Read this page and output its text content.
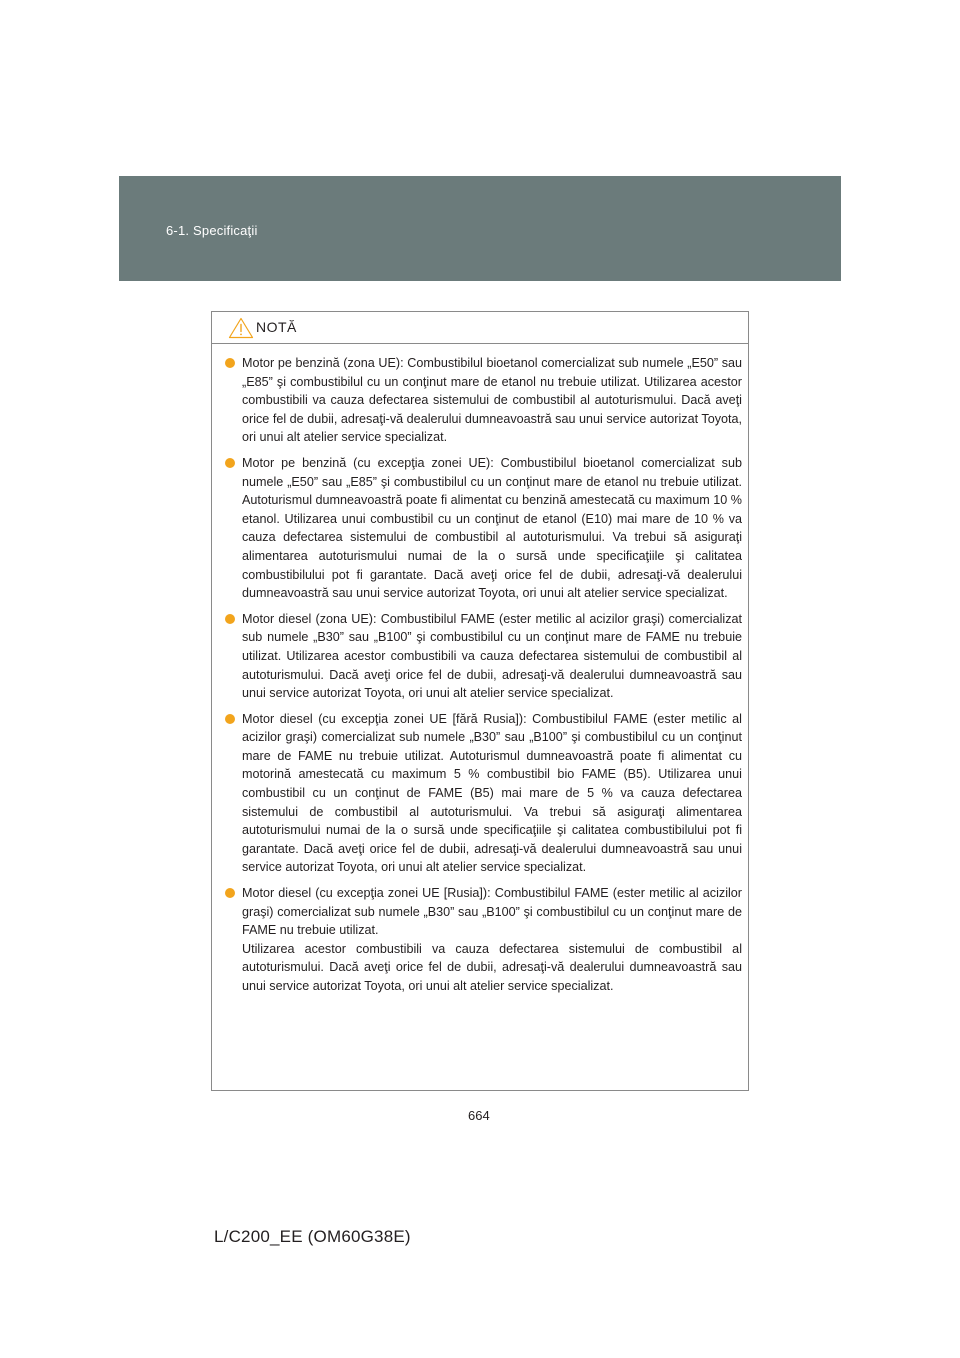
6-1. Specificaţii
NOTĂ

Motor pe benzină (zona UE): Combustibilul bioetanol comercializat sub numele „E50” sau „E85” şi combustibilul cu un conţinut mare de etanol nu trebuie utilizat. Utilizarea acestor combustibili va cauza defectarea sistemului de combustibil al autoturismului. Dacă aveţi orice fel de dubii, adresaţi-vă dealerului dumneavoastră sau unui service autorizat Toyota, ori unui alt atelier service specializat.

Motor pe benzină (cu excepţia zonei UE): Combustibilul bioetanol comercializat sub numele „E50” sau „E85” şi combustibilul cu un conţinut mare de etanol nu trebuie utilizat. Autoturismul dumneavoastră poate fi alimentat cu benzină amestecată cu maximum 10 % etanol. Utilizarea unui combustibil cu un conţinut de etanol (E10) mai mare de 10 % va cauza defectarea sistemului de combustibil al autoturismului. Va trebui să asiguraţi alimentarea autoturismului numai de la o sursă unde specificaţiile şi calitatea combustibilului pot fi garantate. Dacă aveţi orice fel de dubii, adresaţi-vă dealerului dumneavoastră sau unui service autorizat Toyota, ori unui alt atelier service specializat.

Motor diesel (zona UE): Combustibilul FAME (ester metilic al acizilor graşi) comercializat sub numele „B30” sau „B100” şi combustibilul cu un conţinut mare de FAME nu trebuie utilizat. Utilizarea acestor combustibili va cauza defectarea sistemului de combustibil al autoturismului. Dacă aveţi orice fel de dubii, adresaţi-vă dealerului dumneavoastră sau unui service autorizat Toyota, ori unui alt atelier service specializat.

Motor diesel (cu excepţia zonei UE [fără Rusia]): Combustibilul FAME (ester metilic al acizilor graşi) comercializat sub numele „B30” sau „B100” şi combustibilul cu un conţinut mare de FAME nu trebuie utilizat. Autoturismul dumneavoastră poate fi alimentat cu motorină amestecată cu maximum 5 % combustibil bio FAME (B5). Utilizarea unui combustibil cu un conţinut de FAME (B5) mai mare de 5 % va cauza defectarea sistemului de combustibil al autoturismului. Va trebui să asiguraţi alimentarea autoturismului numai de la o sursă unde specificaţiile şi calitatea combustibilului pot fi garantate. Dacă aveţi orice fel de dubii, adresaţi-vă dealerului dumneavoastră sau unui service autorizat Toyota, ori unui alt atelier service specializat.

Motor diesel (cu excepţia zonei UE [Rusia]): Combustibilul FAME (ester metilic al acizilor graşi) comercializat sub numele „B30” sau „B100” şi combustibilul cu un conţinut mare de FAME nu trebuie utilizat.

Utilizarea acestor combustibili va cauza defectarea sistemului de combustibil al autoturismului. Dacă aveţi orice fel de dubii, adresaţi-vă dealerului dumneavoastră sau unui service autorizat Toyota, ori unui alt atelier service specializat.

664
L/C200_EE (OM60G38E)
